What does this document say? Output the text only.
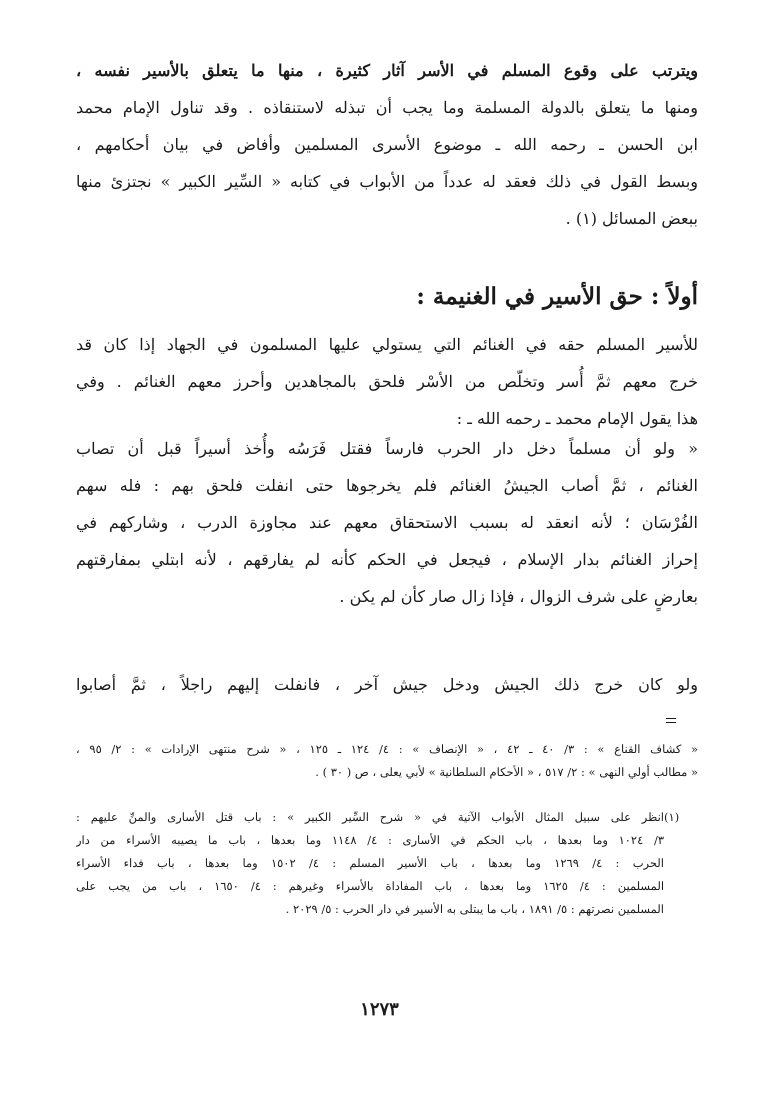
ويترتب على وقوع المسلم في الأسر آثار كثيرة ، منها ما يتعلق بالأسير نفسه ،
ومنها ما يتعلق بالدولة المسلمة وما يجب أن تبذله لاستنقاذه . وقد تناول الإمام محمد
ابن الحسن ـ رحمه الله ـ موضوع الأسرى المسلمين وأفاض في بيان أحكامهم ،
وبسط القول في ذلك فعقد له عدداً من الأبواب في كتابه « السِّير الكبير » نجتزئ منها
ببعض المسائل (١) .
أولاً : حق الأسير في الغنيمة :
للأسير المسلم حقه في الغنائم التي يستولي عليها المسلمون في الجهاد إذا كان قد
خرج معهم ثمَّ أُسر وتخلّص من الأسْر فلحق بالمجاهدين وأحرز معهم الغنائم . وفي
هذا يقول الإمام محمد ـ رحمه الله ـ :
« ولو أن مسلماً دخل دار الحرب فارساً فقتل فَرَسُه وأُخذ أسيراً قبل أن تصاب
الغنائم ، ثمَّ أصاب الجيشُ الغنائم فلم يخرجوها حتى انفلت فلحق بهم : فله سهم
الفُرْسَان ؛ لأنه انعقد له بسبب الاستحقاق معهم عند مجاوزة الدرب ، وشاركهم في
إحراز الغنائم بدار الإسلام ، فيجعل في الحكم كأنه لم يفارقهم ، لأنه ابتلي بمفارقتهم
بعارضٍ على شرف الزوال ، فإذا زال صار كأن لم يكن .
ولو كان خرج ذلك الجيش ودخل جيش آخر ، فانفلت إليهم راجلاً ، ثمَّ أصابوا
« كشاف القناع » : ٣/ ٤٠ ـ ٤٢ ، « الإنصاف » : ٤/ ١٢٤ ـ ١٢٥ ، « شرح منتهى الإرادات » : ٢/ ٩٥ ،
« مطالب أولي النهى » : ٢/ ٥١٧ ، « الأحكام السلطانية » لأبي يعلى ، ص ( ٣٠ ) .
(١)
انظر على سبيل المثال الأبواب الآتية في « شرح السِّير الكبير » : باب قتل الأسارى والمنِّ عليهم :
٣/ ١٠٢٤ وما بعدها ، باب الحكم في الأسارى : ٤/ ١١٤٨ وما بعدها ، باب ما يصيبه الأسراء من دار
الحرب : ٤/ ١٢٦٩ وما بعدها ، باب الأسير المسلم : ٤/ ١٥٠٢ وما بعدها ، باب فداء الأسراء
المسلمين : ٤/ ١٦٢٥ وما بعدها ، باب المفاداة بالأسراء وغيرهم : ٤/ ١٦٥٠ ، باب من يجب على
المسلمين نصرتهم : ٥/ ١٨٩١ ، باب ما يبتلى به الأسير في دار الحرب : ٥/ ٢٠٢٩ .
١٢٧٣
